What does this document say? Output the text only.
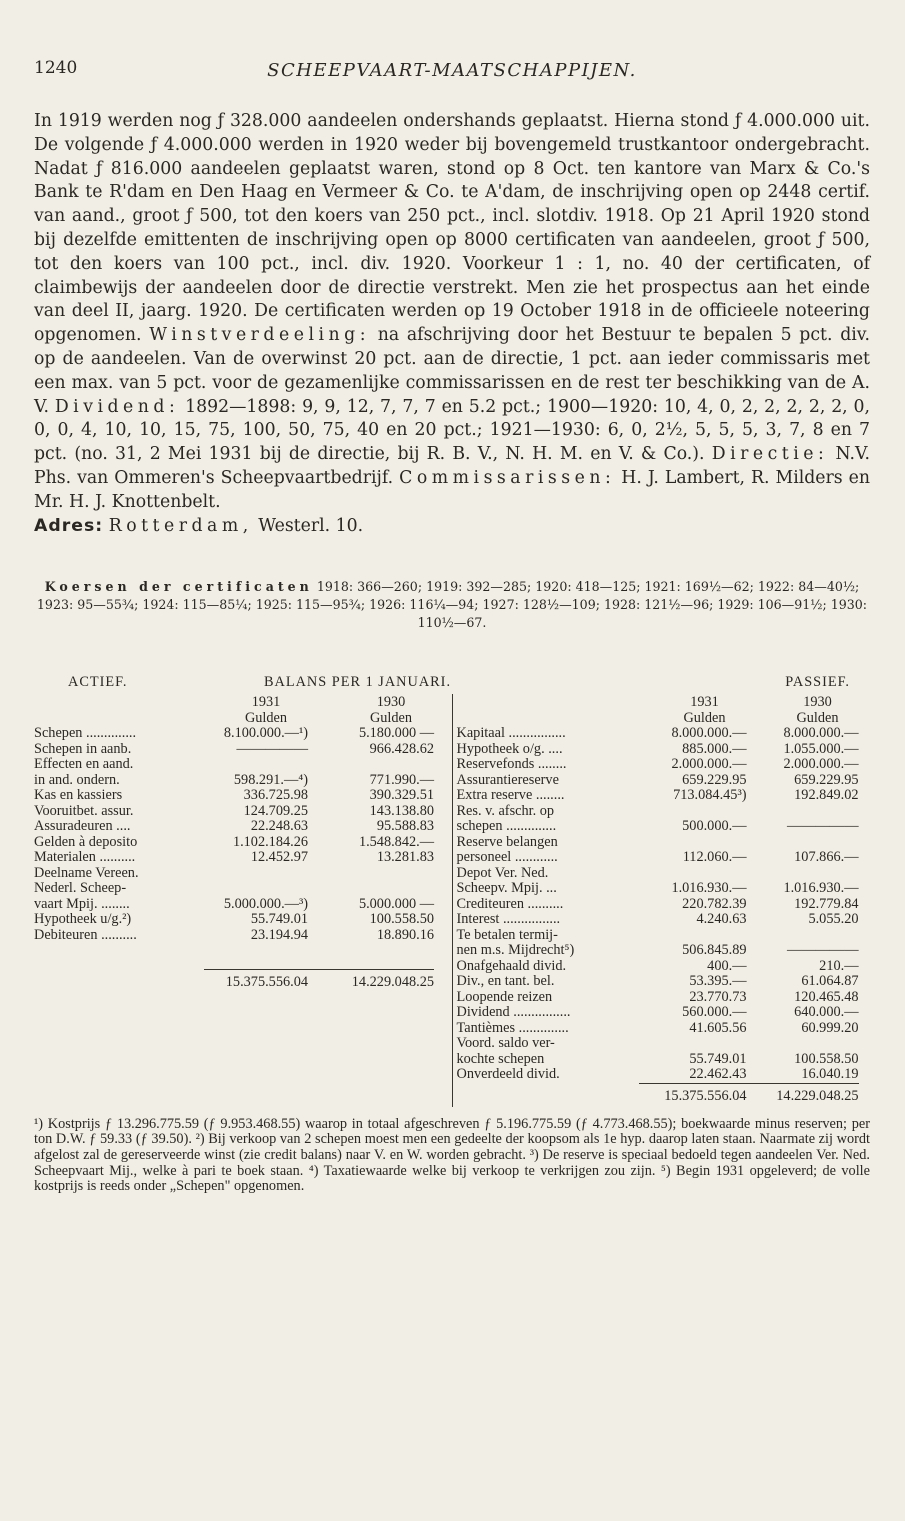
1240	SCHEEPVAART-MAATSCHAPPIJEN.
In 1919 werden nog ƒ 328.000 aandeelen ondershands geplaatst. Hierna stond ƒ 4.000.000 uit. De volgende ƒ 4.000.000 werden in 1920 weder bij bovengemeld trustkantoor ondergebracht. Nadat ƒ 816.000 aandeelen geplaatst waren, stond op 8 Oct. ten kantore van Marx & Co.'s Bank te R'dam en Den Haag en Vermeer & Co. te A'dam, de inschrijving open op 2448 certif. van aand., groot ƒ 500, tot den koers van 250 pct., incl. slotdiv. 1918. Op 21 April 1920 stond bij dezelfde emittenten de inschrijving open op 8000 certificaten van aandeelen, groot ƒ 500, tot den koers van 100 pct., incl. div. 1920. Voorkeur 1 : 1, no. 40 der certificaten, of claimbewijs der aandeelen door de directie verstrekt. Men zie het prospectus aan het einde van deel II, jaarg. 1920. De certificaten werden op 19 October 1918 in de officieele noteering opgenomen. Winstverdeeling: na afschrijving door het Bestuur te bepalen 5 pct. div. op de aandeelen. Van de overwinst 20 pct. aan de directie, 1 pct. aan ieder commissaris met een max. van 5 pct. voor de gezamenlijke commissarissen en de rest ter beschikking van de A. V. Dividend: 1892—1898: 9, 9, 12, 7, 7, 7 en 5.2 pct.; 1900—1920: 10, 4, 0, 2, 2, 2, 2, 2, 0, 0, 0, 4, 10, 10, 15, 75, 100, 50, 75, 40 en 20 pct.; 1921—1930: 6, 0, 2½, 5, 5, 5, 3, 7, 8 en 7 pct. (no. 31, 2 Mei 1931 bij de directie, bij R. B. V., N. H. M. en V. & Co.). Directie: N.V. Phs. van Ommeren's Scheepvaartbedrijf. Commissarissen: H. J. Lambert, R. Milders en Mr. H. J. Knottenbelt.
Adres: Rotterdam, Westerl. 10.
Koersen der certificaten 1918: 366—260; 1919: 392—285; 1920: 418—125; 1921: 169½—62; 1922: 84—40½; 1923: 95—55¾; 1924: 115—85¼; 1925: 115—95¾; 1926: 116¼—94; 1927: 128½—109; 1928: 121½—96; 1929: 106—91½; 1930: 110½—67.
ACTIEF.	BALANS PER 1 JANUARI.	PASSIEF.
1931	1930
Gulden	Gulden
Schepen ..............	8.100.000.—¹)	5.180.000 —
Schepen in aanb.	—————	966.428.62
Effecten en aand.
in and. ondern.	598.291.—⁴)	771.990.—
Kas en kassiers	336.725.98	390.329.51
Vooruitbet. assur.	124.709.25	143.138.80
Assuradeuren ....	22.248.63	95.588.83
Gelden à deposito	1.102.184.26	1.548.842.—
Materialen ..........	12.452.97	13.281.83
Deelname Vereen.
Nederl. Scheep-
vaart Mpij. ........	5.000.000.—³)	5.000.000 —
Hypotheek u/g.²)	55.749.01	100.558.50
Debiteuren ..........	23.194.94	18.890.16
15.375.556.04	14.229.048.25
1931	1930
Gulden	Gulden
Kapitaal ................	8.000.000.—	8.000.000.—
Hypotheek o/g. ....	885.000.—	1.055.000.—
Reservefonds ........	2.000.000.—	2.000.000.—
Assurantiereserve	659.229.95	659.229.95
Extra reserve ........	713.084.45³)	192.849.02
Res. v. afschr. op
schepen ..............	500.000.—	—————
Reserve belangen
personeel ............	112.060.—	107.866.—
Depot Ver. Ned.
Scheepv. Mpij. ...	1.016.930.—	1.016.930.—
Crediteuren ..........	220.782.39	192.779.84
Interest ................	4.240.63	5.055.20
Te betalen termij-
nen m.s. Mijdrecht⁵)	506.845.89	—————
Onafgehaald divid.	400.—	210.—
Div., en tant. bel.	53.395.—	61.064.87
Loopende reizen	23.770.73	120.465.48
Dividend ................	560.000.—	640.000.—
Tantièmes ..............	41.605.56	60.999.20
Voord. saldo ver-
kochte schepen	55.749.01	100.558.50
Onverdeeld divid.	22.462.43	16.040.19
15.375.556.04	14.229.048.25
¹) Kostprijs ƒ 13.296.775.59 (ƒ 9.953.468.55) waarop in totaal afgeschreven ƒ 5.196.775.59 (ƒ 4.773.468.55); boekwaarde minus reserven; per ton D.W. ƒ 59.33 (ƒ 39.50). ²) Bij verkoop van 2 schepen moest men een gedeelte der koopsom als 1e hyp. daarop laten staan. Naarmate zij wordt afgelost zal de gereserveerde winst (zie credit balans) naar V. en W. worden gebracht. ³) De reserve is speciaal bedoeld tegen aandeelen Ver. Ned. Scheepvaart Mij., welke à pari te boek staan. ⁴) Taxatiewaarde welke bij verkoop te verkrijgen zou zijn. ⁵) Begin 1931 opgeleverd; de volle kostprijs is reeds onder „Schepen" opgenomen.
